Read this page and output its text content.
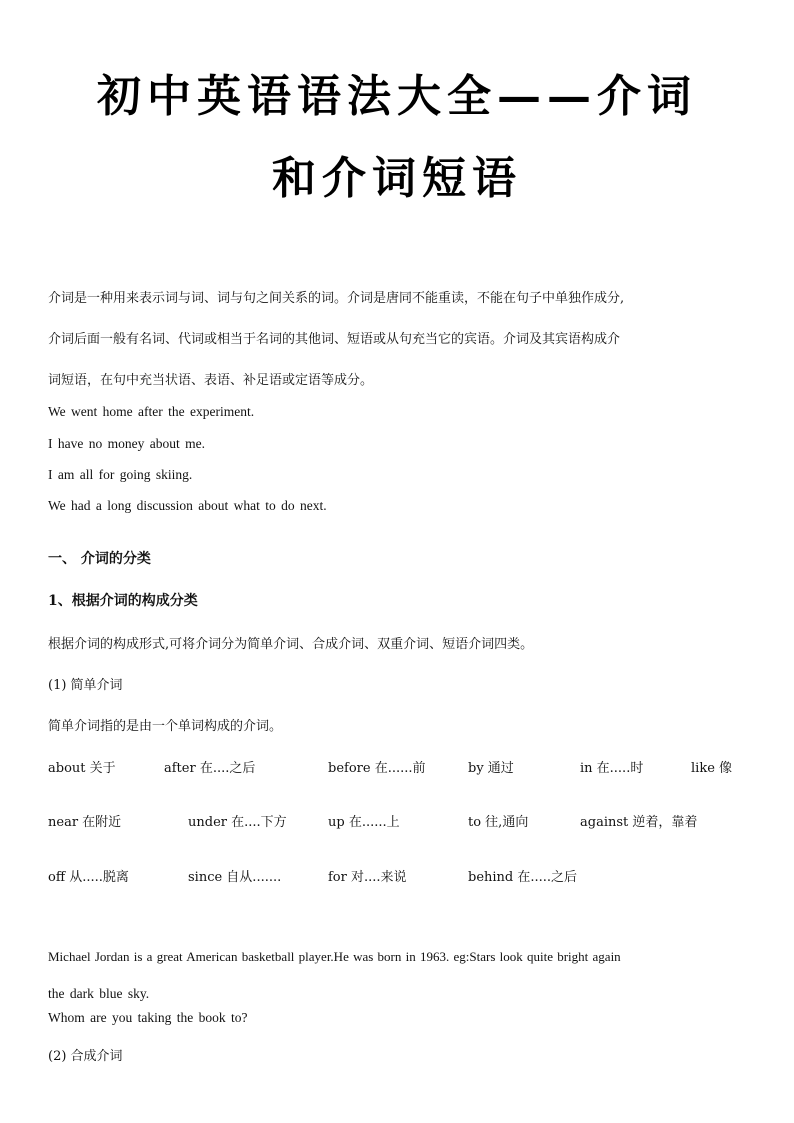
初中英语语法大全——介词
和介词短语
介词是一种用来表示词与词、词与句之间关系的词。介词是唐同不能重读，不能在句子中单独作成分,
介词后面一般有名词、代词或相当于名词的其他词、短语或从句充当它的宾语。介词及其宾语构成介
词短语，在句中充当状语、表语、补足语或定语等成分。
We went home after the experiment.
I have no money about me.
I am all for going skiing.
We had a long discussion about what to do next.
一、 介词的分类
1、根据介词的构成分类
根据介词的构成形式,可将介词分为简单介词、合成介词、双重介词、短语介词四类。
(1) 简单介词
简单介词指的是由一个单词构成的介词。
about 关于	after 在....之后	before 在......前	by 通过	in 在.....时	like 像
near 在附近	under 在....下方	up 在......上	to 往,通向	against 逆着，靠着
off 从.....脱离	since 自从.......	for 对....来说	behind 在.....之后
Michael Jordan is a great American basketball player.He was born in 1963. eg:Stars look quite bright again
the dark blue sky.
Whom are you taking the book to?
(2) 合成介词
